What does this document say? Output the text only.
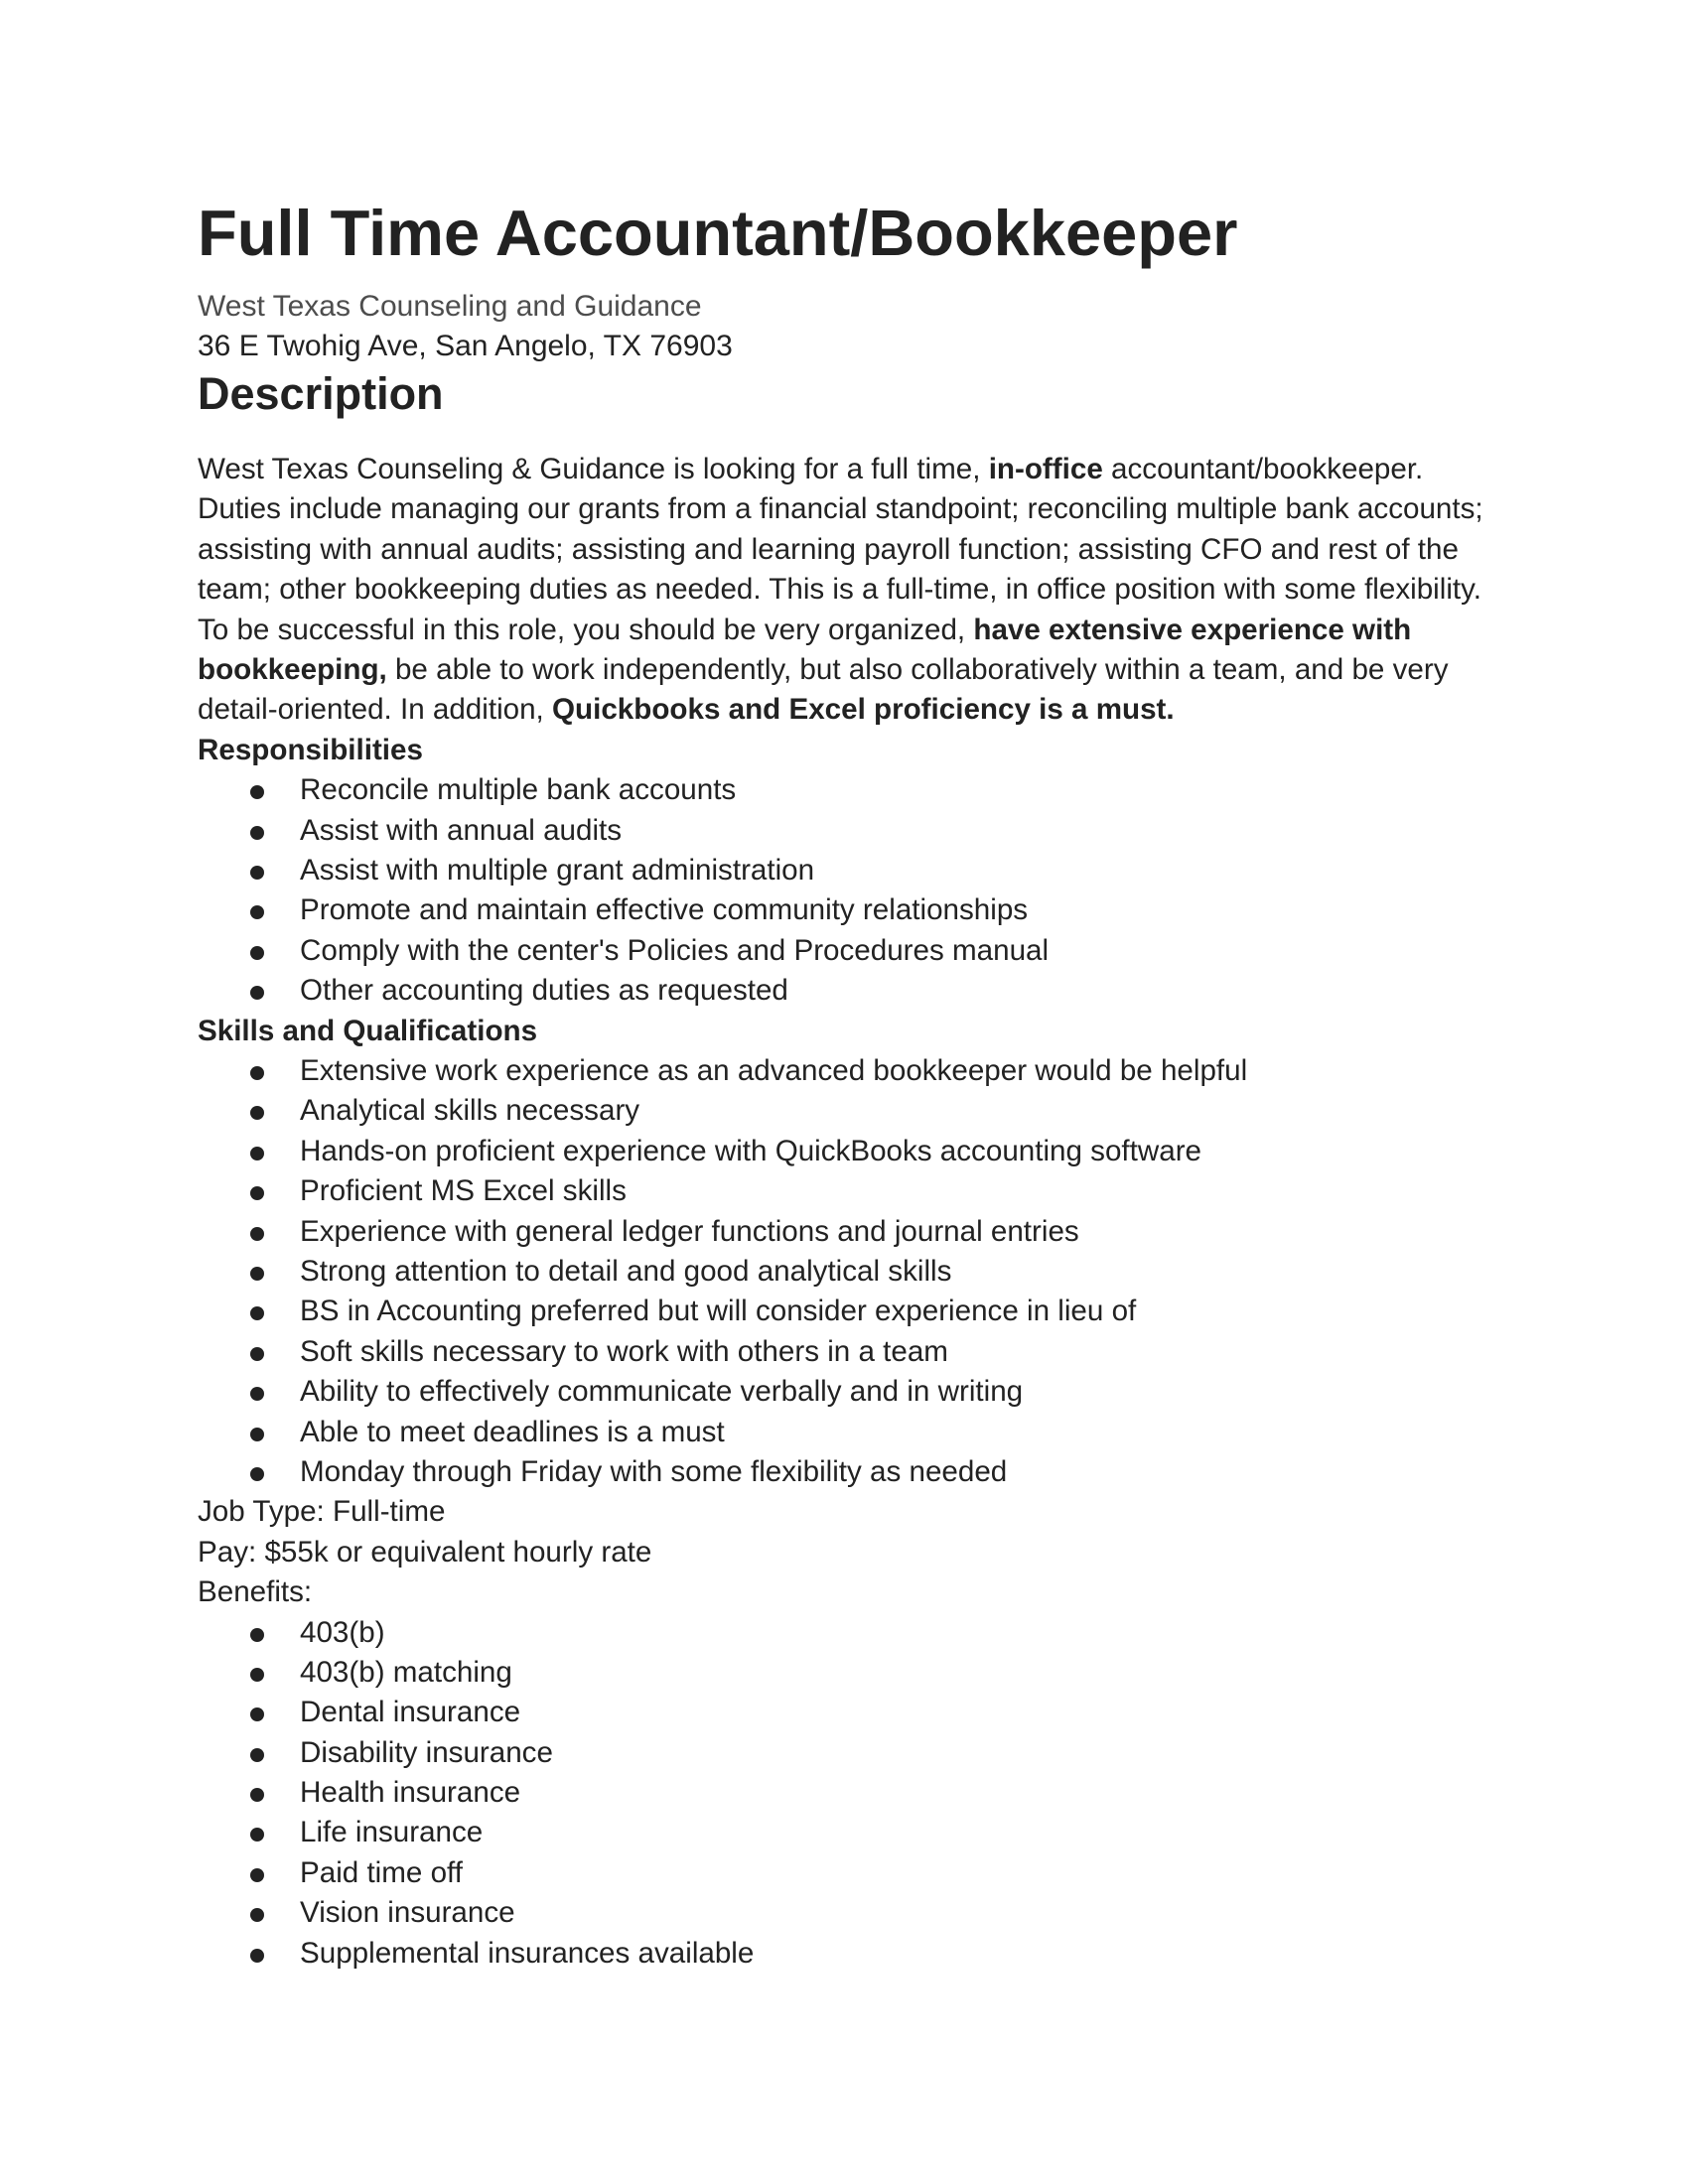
Full Time Accountant/Bookkeeper
West Texas Counseling and Guidance
36 E Twohig Ave, San Angelo, TX 76903
Description

West Texas Counseling & Guidance is looking for a full time, in-office accountant/bookkeeper. Duties include managing our grants from a financial standpoint; reconciling multiple bank accounts; assisting with annual audits; assisting and learning payroll function; assisting CFO and rest of the team; other bookkeeping duties as needed. This is a full-time, in office position with some flexibility. To be successful in this role, you should be very organized, have extensive experience with bookkeeping, be able to work independently, but also collaboratively within a team, and be very detail-oriented. In addition, Quickbooks and Excel proficiency is a must.

Responsibilities

Reconcile multiple bank accounts
Assist with annual audits
Assist with multiple grant administration
Promote and maintain effective community relationships
Comply with the center's Policies and Procedures manual
Other accounting duties as requested

Skills and Qualifications

Extensive work experience as an advanced bookkeeper would be helpful
Analytical skills necessary
Hands-on proficient experience with QuickBooks accounting software
Proficient MS Excel skills
Experience with general ledger functions and journal entries
Strong attention to detail and good analytical skills
BS in Accounting preferred but will consider experience in lieu of
Soft skills necessary to work with others in a team
Ability to effectively communicate verbally and in writing
Able to meet deadlines is a must
Monday through Friday with some flexibility as needed

Job Type: Full-time

Pay: $55k or equivalent hourly rate

Benefits:

403(b)
403(b) matching
Dental insurance
Disability insurance
Health insurance
Life insurance
Paid time off
Vision insurance
Supplemental insurances available
